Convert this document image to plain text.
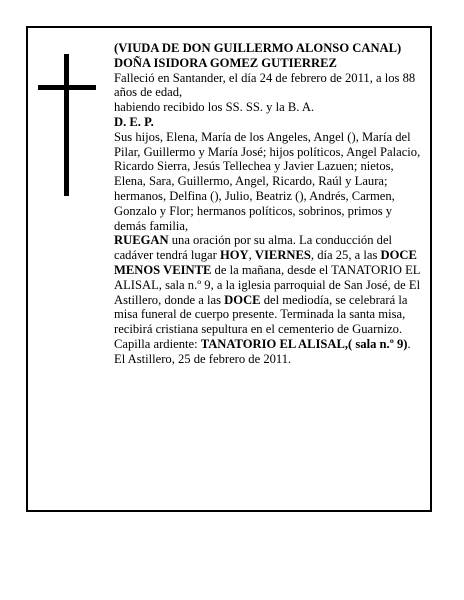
(VIUDA DE DON GUILLERMO ALONSO CANAL)

DOÑA ISIDORA GOMEZ GUTIERREZ

Falleció en Santander, el día 24 de febrero de 2011, a los 88 años de edad,

habiendo recibido los SS. SS. y la B. A.

D. E. P.

Sus hijos, Elena, María de los Angeles, Angel (), María del Pilar, Guillermo y María José; hijos políticos, Angel Palacio, Ricardo Sierra, Jesús Tellechea y Javier Lazuen; nietos, Elena, Sara, Guillermo, Angel, Ricardo, Raúl y Laura; hermanos, Delfina (), Julio, Beatriz (), Andrés, Carmen, Gonzalo y Flor; hermanos políticos, sobrinos, primos y demás familia,

RUEGAN una oración por su alma. La conducción del cadáver tendrá lugar HOY, VIERNES, día 25, a las DOCE MENOS VEINTE de la mañana, desde el TANATORIO EL ALISAL, sala n.º 9, a la iglesia parroquial de San José, de El Astillero, donde a las DOCE del mediodía, se celebrará la misa funeral de cuerpo presente. Terminada la santa misa, recibirá cristiana sepultura en el cementerio de Guarnizo.

Capilla ardiente: TANATORIO EL ALISAL,( sala n.º 9).

El Astillero, 25 de febrero de 2011.
